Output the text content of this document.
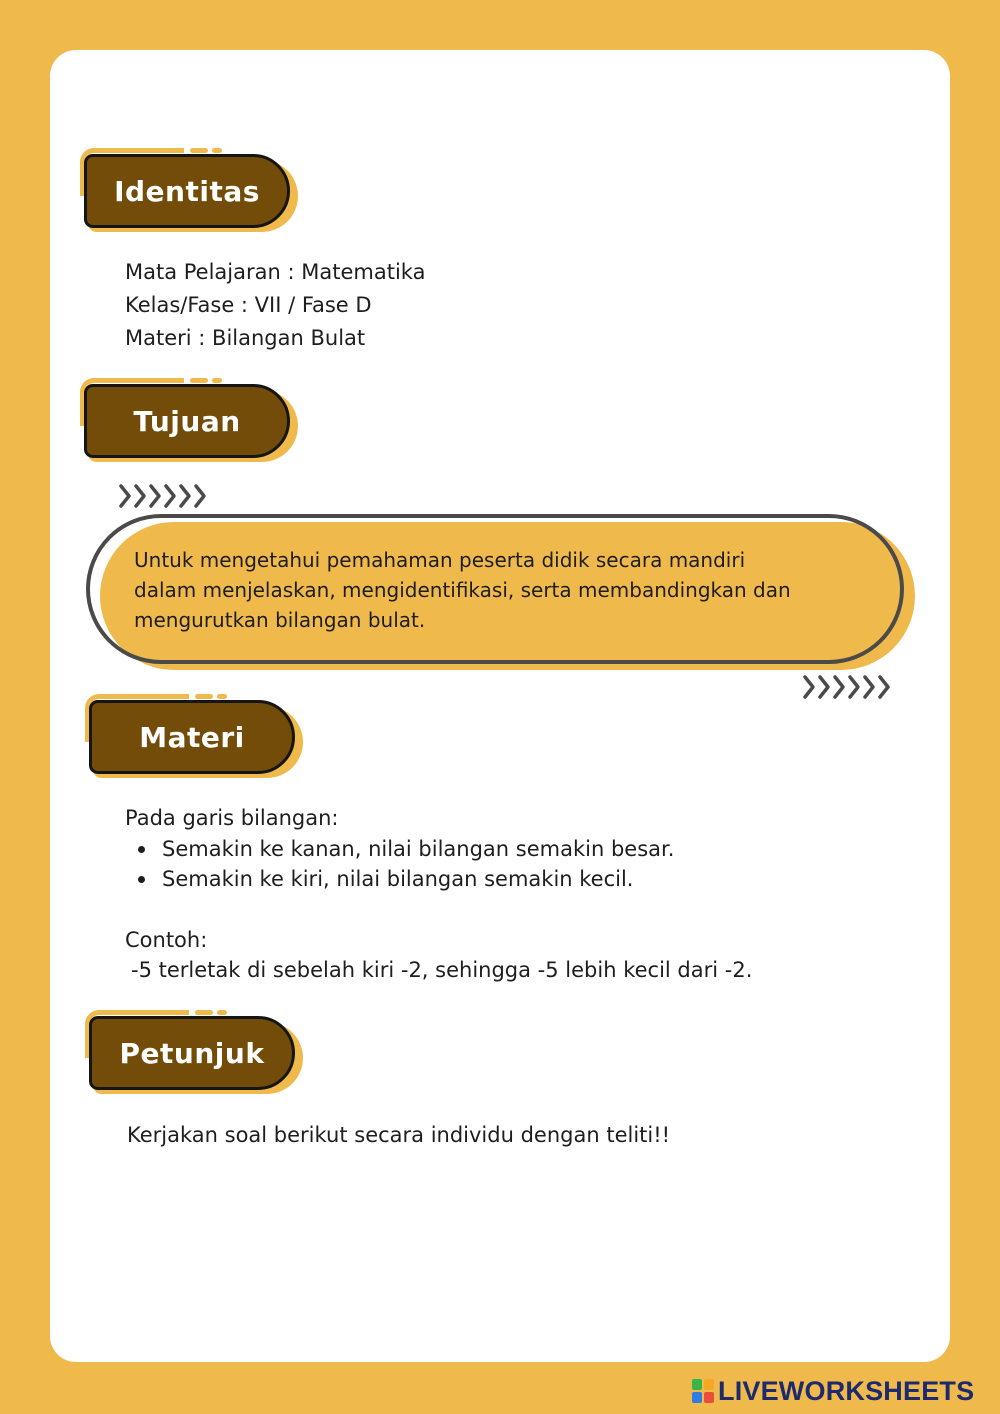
Identitas
Mata Pelajaran : Matematika
Kelas/Fase : VII / Fase D
Materi : Bilangan Bulat
Tujuan
Untuk mengetahui pemahaman peserta didik secara mandiri
dalam menjelaskan, mengidentifikasi, serta membandingkan dan
mengurutkan bilangan bulat.
Materi
Pada garis bilangan:
Semakin ke kanan, nilai bilangan semakin besar.
Semakin ke kiri, nilai bilangan semakin kecil.
Contoh:
-5 terletak di sebelah kiri -2, sehingga -5 lebih kecil dari -2.
Petunjuk
Kerjakan soal berikut secara individu dengan teliti!!
LIVEWORKSHEETS
